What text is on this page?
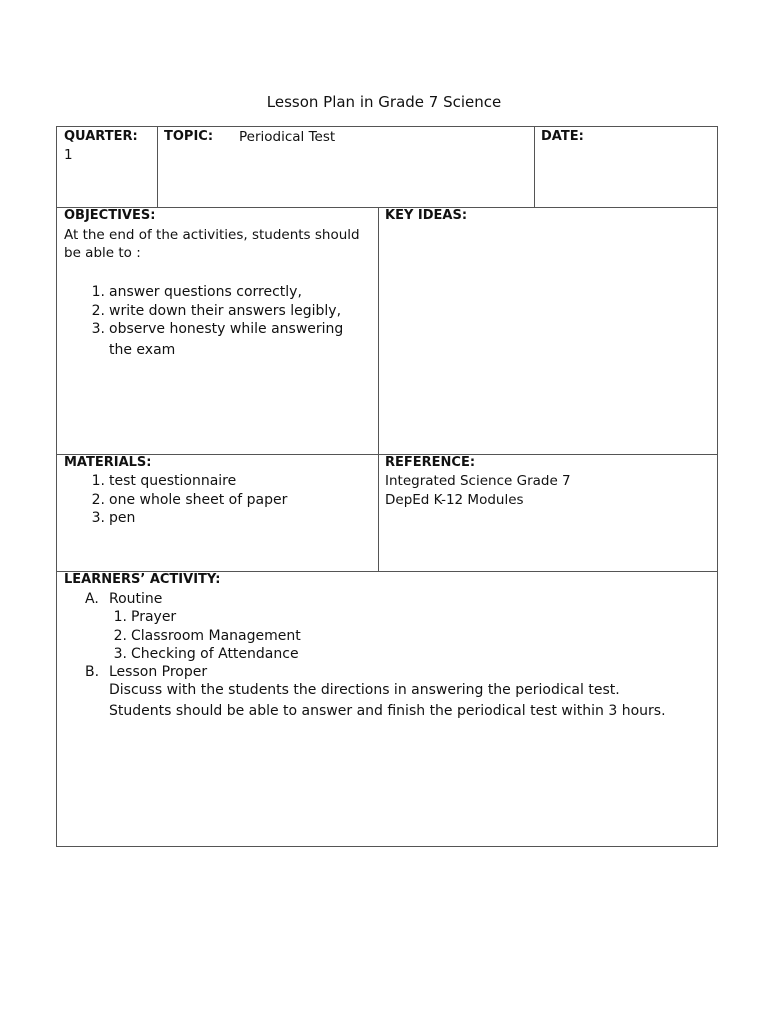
Lesson Plan in Grade 7 Science
QUARTER:
1
TOPIC: Periodical Test	DATE:
OBJECTIVES:
At the end of the activities, students should
be able to :
1. answer questions correctly,
2. write down their answers legibly,
3. observe honesty while answering
the exam
KEY IDEAS:
MATERIALS:
1. test questionnaire
2. one whole sheet of paper
3. pen
REFERENCE:
Integrated Science Grade 7
DepEd K-12 Modules
LEARNERS’ ACTIVITY:
A. Routine
1. Prayer
2. Classroom Management
3. Checking of Attendance
B. Lesson Proper
Discuss with the students the directions in answering the periodical test.
Students should be able to answer and finish the periodical test within 3 hours.
